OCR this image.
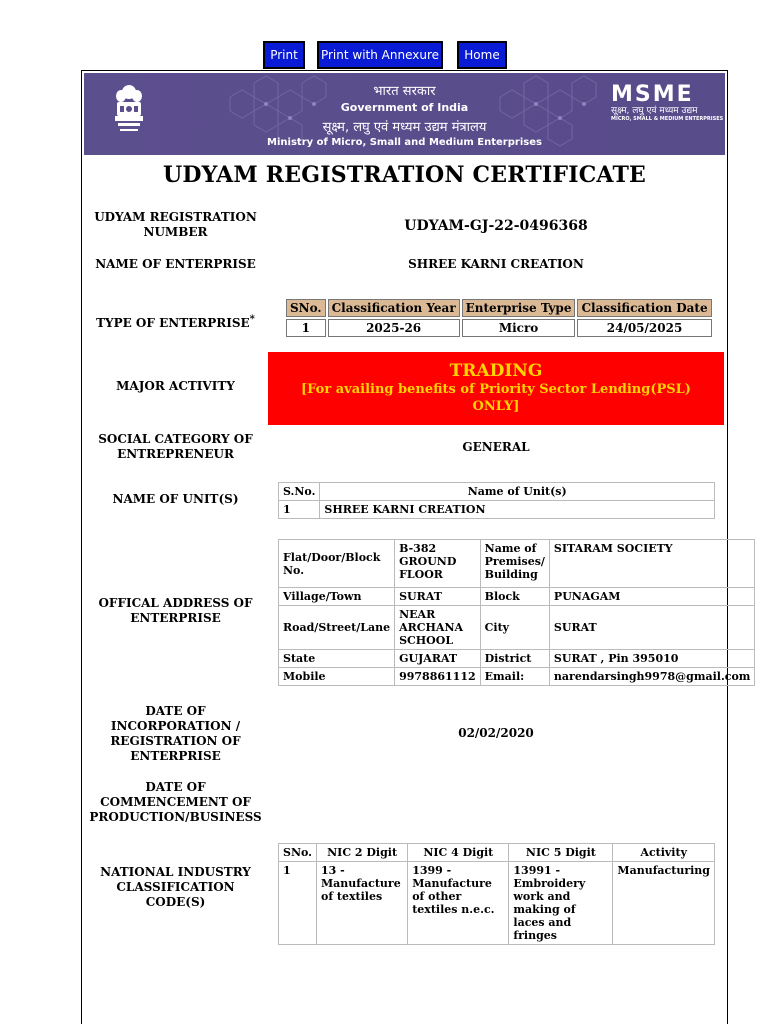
Print	Print with Annexure	Home
भारत सरकार
Government of India
सूक्ष्म, लघु एवं मध्यम उद्यम मंत्रालय
Ministry of Micro, Small and Medium Enterprises
MSME
सूक्ष्म, लघु एवं मध्यम उद्यम
MICRO, SMALL & MEDIUM ENTERPRISES
UDYAM REGISTRATION CERTIFICATE
UDYAM REGISTRATION
NUMBER	UDYAM-GJ-22-0496368
NAME OF ENTERPRISE	SHREE KARNI CREATION
TYPE OF ENTERPRISE*
SNo.	Classification Year	Enterprise Type	Classification Date
1	2025-26	Micro	24/05/2025
MAJOR ACTIVITY
TRADING
[For availing benefits of Priority Sector Lending(PSL)
ONLY]
SOCIAL CATEGORY OF
ENTREPRENEUR	GENERAL
NAME OF UNIT(S)
S.No.	Name of Unit(s)
1	SHREE KARNI CREATION
OFFICAL ADDRESS OF
ENTERPRISE
Flat/Door/Block No.	B-382 GROUND FLOOR	Name of Premises/ Building	SITARAM SOCIETY
Village/Town	SURAT	Block	PUNAGAM
Road/Street/Lane	NEAR ARCHANA SCHOOL	City	SURAT
State	GUJARAT	District	SURAT , Pin 395010
Mobile	9978861112	Email:	narendarsingh9978@gmail.com
DATE OF
INCORPORATION /
REGISTRATION OF
ENTERPRISE
02/02/2020
DATE OF
COMMENCEMENT OF
PRODUCTION/BUSINESS
NATIONAL INDUSTRY
CLASSIFICATION
CODE(S)
SNo.	NIC 2 Digit	NIC 4 Digit	NIC 5 Digit	Activity
1	13 - Manufacture of textiles	1399 - Manufacture of other textiles n.e.c.	13991 - Embroidery work and making of laces and fringes	Manufacturing
